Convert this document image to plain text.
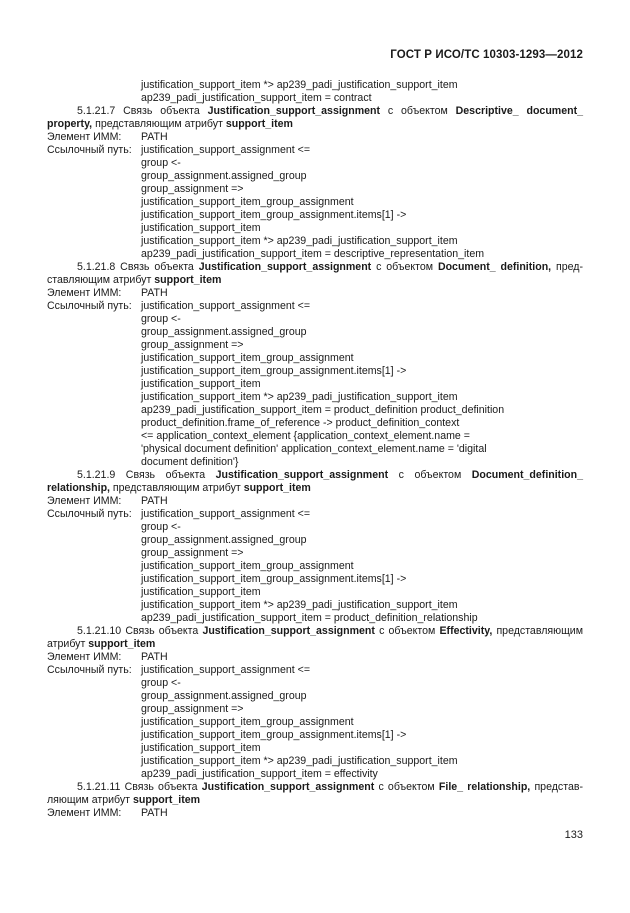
ГОСТ Р ИСО/ТС 10303-1293—2012
justification_support_item *> ap239_padi_justification_support_item
ap239_padi_justification_support_item = contract
5.1.21.7 Связь объекта Justification_support_assignment с объектом Descriptive_ document_
property, представляющим атрибут support_item
Элемент ИММ:	PATH
Ссылочный путь: justification_support_assignment <=
group <-
group_assignment.assigned_group
group_assignment =>
justification_support_item_group_assignment
justification_support_item_group_assignment.items[1] ->
justification_support_item
justification_support_item *> ap239_padi_justification_support_item
ap239_padi_justification_support_item = descriptive_representation_item
5.1.21.8 Связь объекта Justification_support_assignment с объектом Document_ definition, пред-
ставляющим атрибут support_item
Элемент ИММ:	PATH
Ссылочный путь: justification_support_assignment <=
group <-
group_assignment.assigned_group
group_assignment =>
justification_support_item_group_assignment
justification_support_item_group_assignment.items[1] ->
justification_support_item
justification_support_item *> ap239_padi_justification_support_item
ap239_padi_justification_support_item = product_definition product_definition
product_definition.frame_of_reference -> product_definition_context
<= application_context_element {application_context_element.name =
'physical document definition' application_context_element.name = 'digital
document definition'}
5.1.21.9 Связь объекта Justification_support_assignment с объектом Document_definition_
relationship, представляющим атрибут support_item
Элемент ИММ:	PATH
Ссылочный путь: justification_support_assignment <=
group <-
group_assignment.assigned_group
group_assignment =>
justification_support_item_group_assignment
justification_support_item_group_assignment.items[1] ->
justification_support_item
justification_support_item *> ap239_padi_justification_support_item
ap239_padi_justification_support_item = product_definition_relationship
5.1.21.10 Связь объекта Justification_support_assignment с объектом Effectivity, представляющим
атрибут support_item
Элемент ИММ:	PATH
Ссылочный путь: justification_support_assignment <=
group <-
group_assignment.assigned_group
group_assignment =>
justification_support_item_group_assignment
justification_support_item_group_assignment.items[1] ->
justification_support_item
justification_support_item *> ap239_padi_justification_support_item
ap239_padi_justification_support_item = effectivity
5.1.21.11 Связь объекта Justification_support_assignment с объектом File_ relationship, представ-
ляющим атрибут support_item
Элемент ИММ:	PATH
133
